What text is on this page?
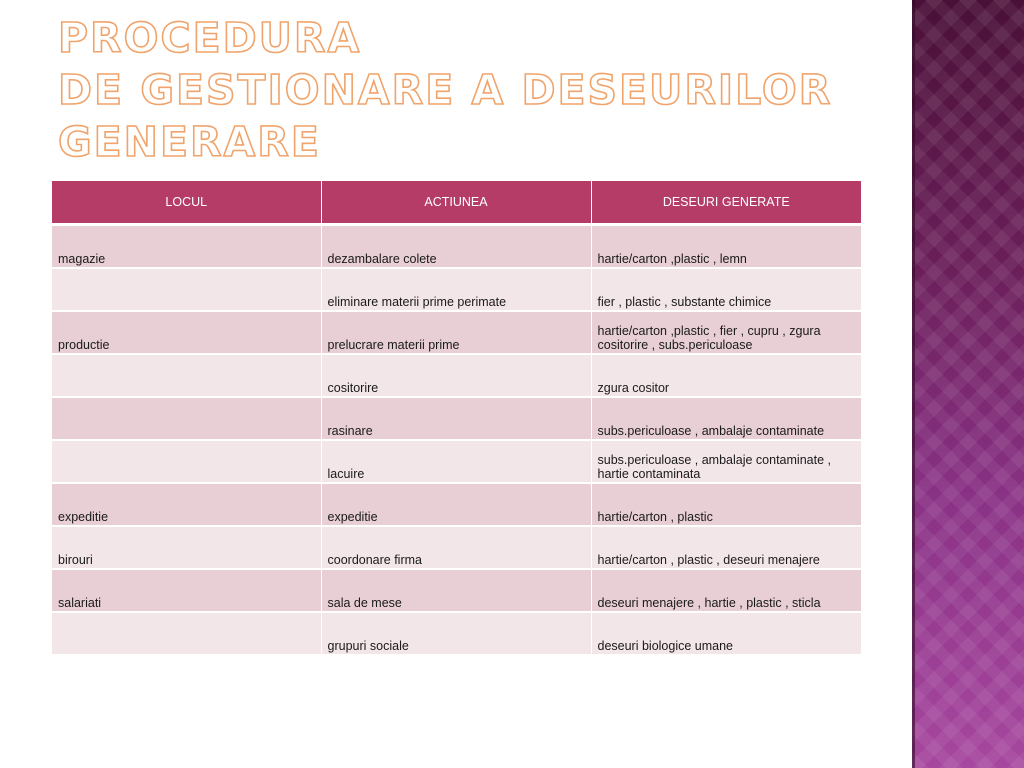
PROCEDURA
DE GESTIONARE A DESEURILOR
GENERARE
LOCUL	ACTIUNEA	DESEURI GENERATE
magazie	dezambalare colete	hartie/carton ,plastic , lemn
	eliminare materii prime perimate	fier , plastic , substante chimice
productie	prelucrare materii prime	hartie/carton ,plastic , fier , cupru , zgura cositorire , subs.periculoase
	cositorire	zgura cositor
	rasinare	subs.periculoase , ambalaje contaminate
	lacuire	subs.periculoase , ambalaje contaminate , hartie contaminata
expeditie	expeditie	hartie/carton , plastic
birouri	coordonare firma	hartie/carton , plastic , deseuri menajere
salariati	sala de mese	deseuri menajere , hartie , plastic , sticla
	grupuri sociale	deseuri biologice umane
